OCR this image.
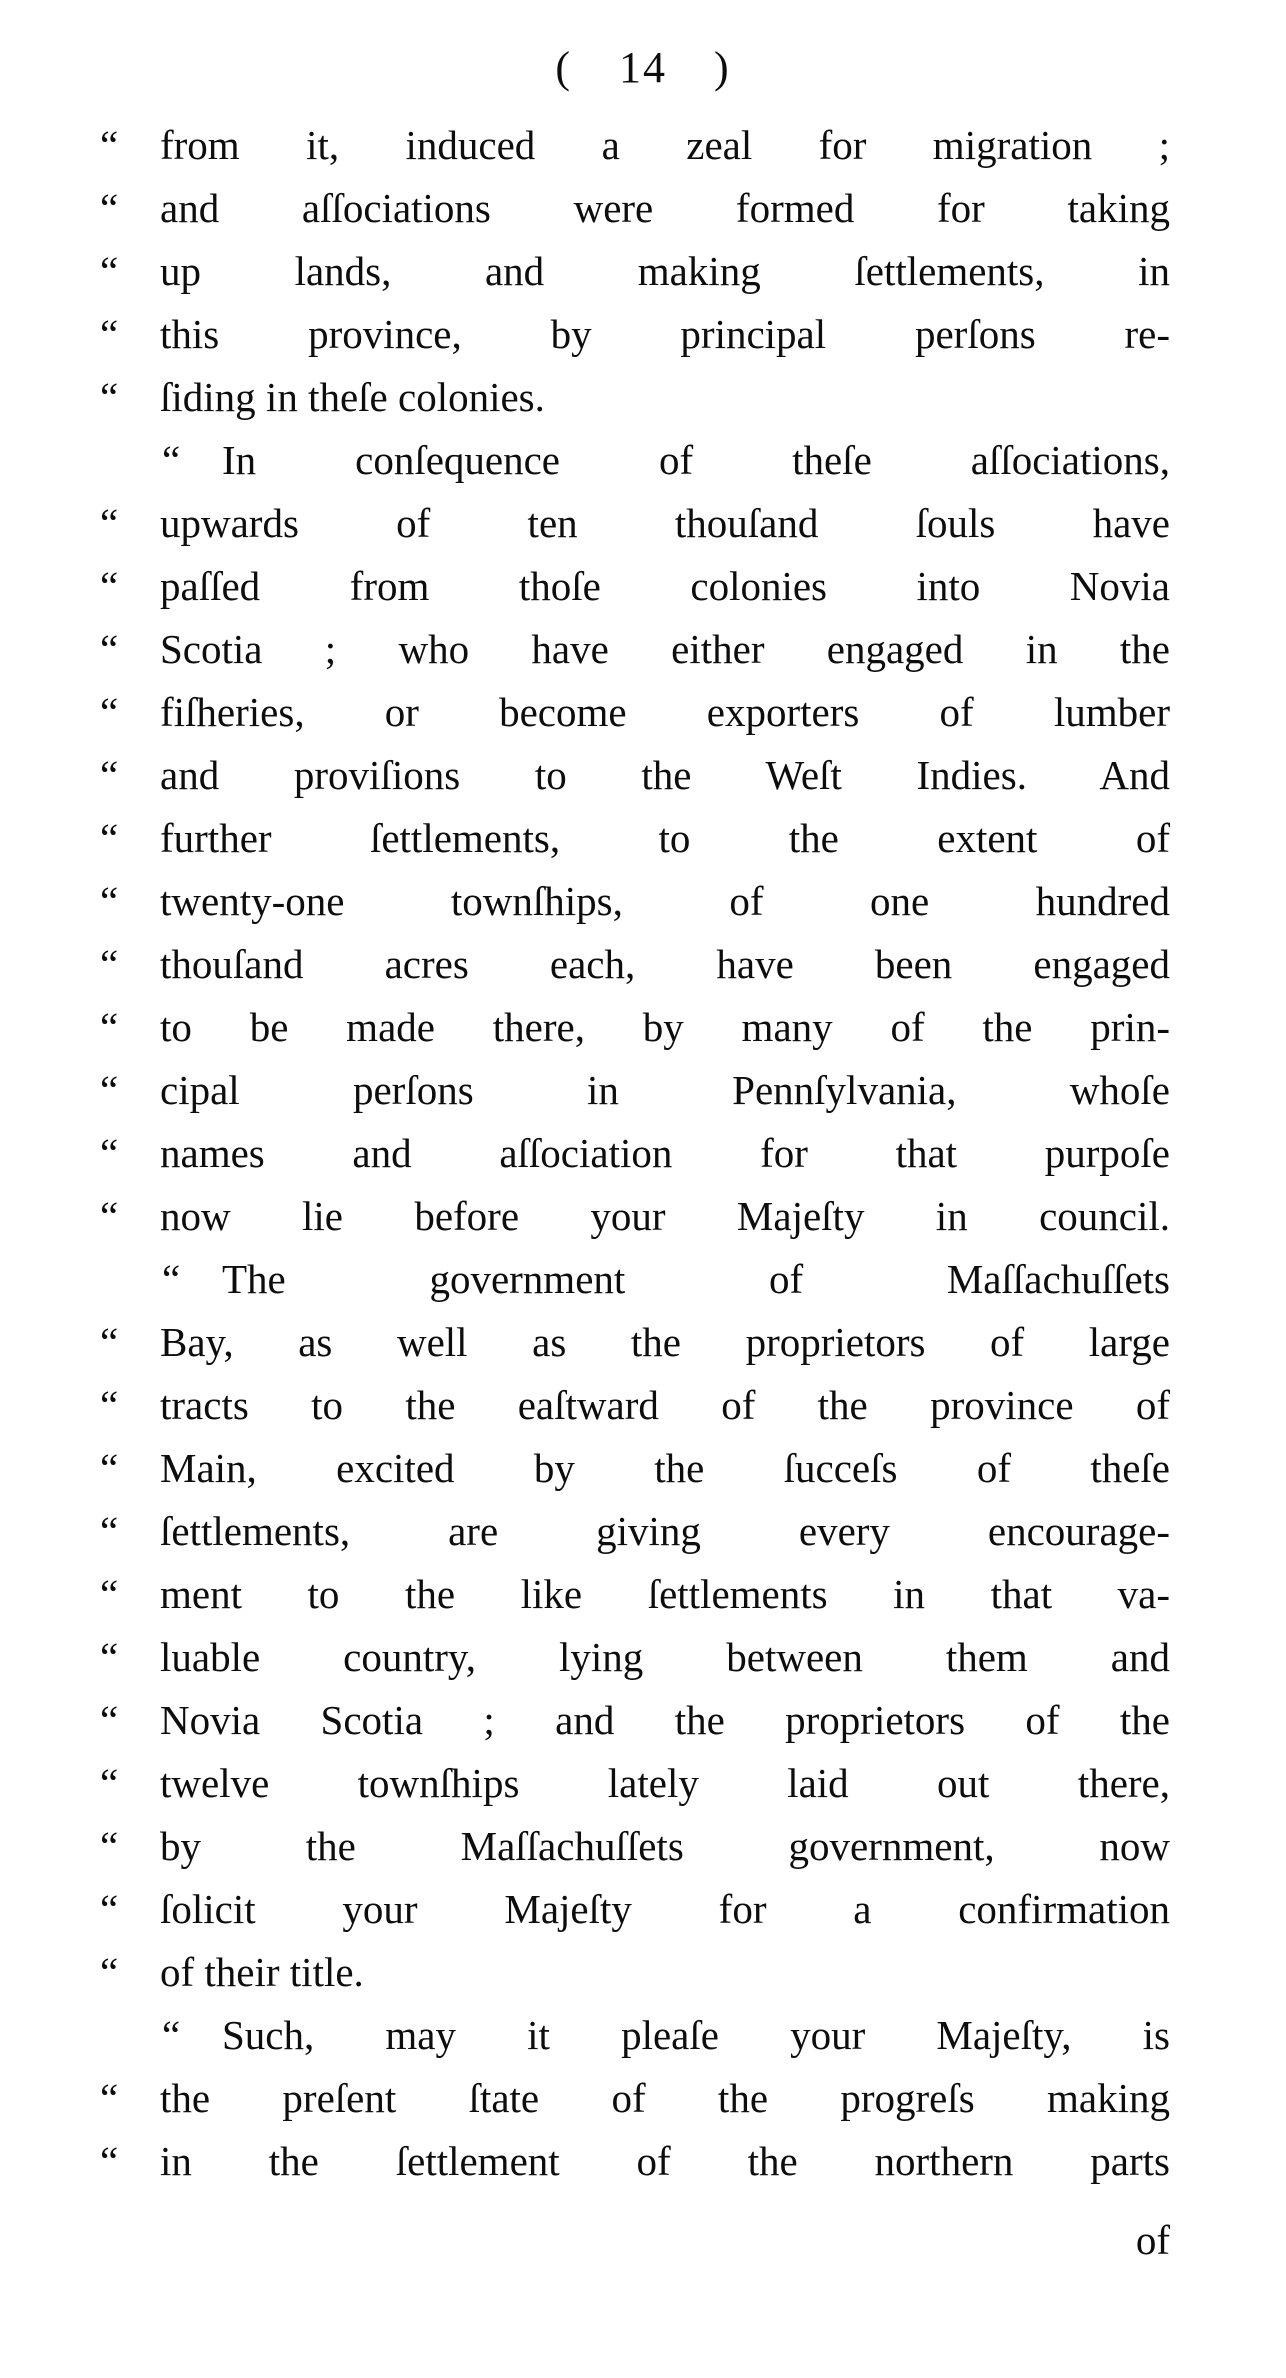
( 14 )
“	from it, induced a zeal for migration ;
“	and aſſociations were formed for taking
“	up lands, and making ſettlements, in
“	this province, by principal perſons re-
“	ſiding in theſe colonies.
“	In conſequence of theſe aſſociations,
“	upwards of ten thouſand ſouls have
“	paſſed from thoſe colonies into Novia
“	Scotia ; who have either engaged in the
“	fiſheries, or become exporters of lumber
“	and proviſions to the Weſt Indies. And
“	further ſettlements, to the extent of
“	twenty-one townſhips, of one hundred
“	thouſand acres each, have been engaged
“	to be made there, by many of the prin-
“	cipal perſons in Pennſylvania, whoſe
“	names and aſſociation for that purpoſe
“	now lie before your Majeſty in council.
“	The government of Maſſachuſſets
“	Bay, as well as the proprietors of large
“	tracts to the eaſtward of the province of
“	Main, excited by the ſucceſs of theſe
“	ſettlements, are giving every encourage-
“	ment to the like ſettlements in that va-
“	luable country, lying between them and
“	Novia Scotia ; and the proprietors of the
“	twelve townſhips lately laid out there,
“	by the Maſſachuſſets government, now
“	ſolicit your Majeſty for a confirmation
“	of their title.
“	Such, may it pleaſe your Majeſty, is
“	the preſent ſtate of the progreſs making
“	in the ſettlement of the northern parts
of
